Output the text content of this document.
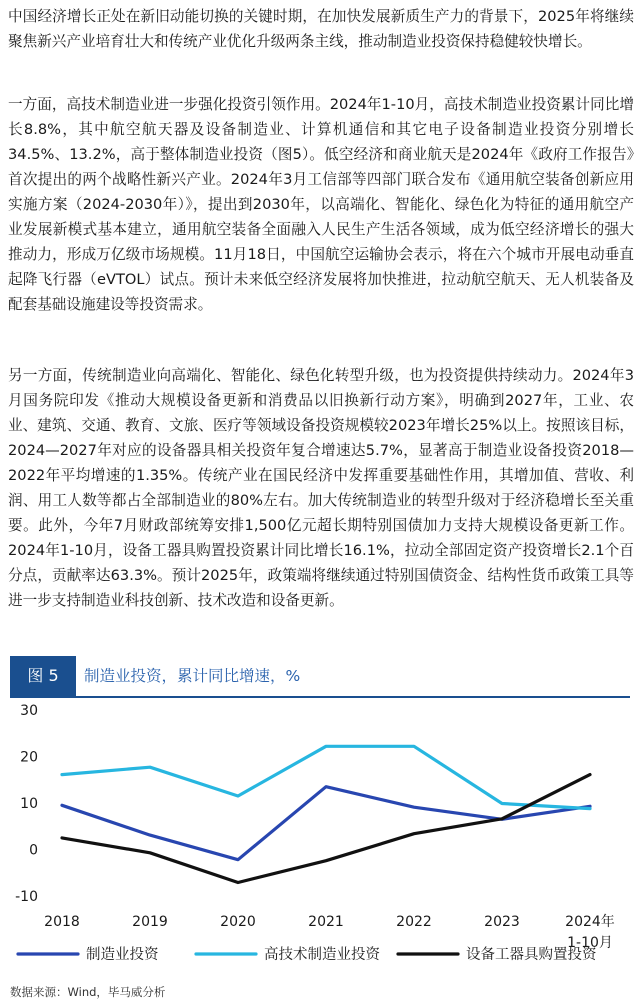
中国经济增长正处在新旧动能切换的关键时期，在加快发展新质生产力的背景下，2025年将继续聚焦新兴产业培育壮大和传统产业优化升级两条主线，推动制造业投资保持稳健较快增长。

一方面，高技术制造业进一步强化投资引领作用。2024年1-10月，高技术制造业投资累计同比增长8.8%，其中航空航天器及设备制造业、计算机通信和其它电子设备制造业投资分别增长34.5%、13.2%，高于整体制造业投资（图5）。低空经济和商业航天是2024年《政府工作报告》首次提出的两个战略性新兴产业。2024年3月工信部等四部门联合发布《通用航空装备创新应用实施方案（2024-2030年）》，提出到2030年，以高端化、智能化、绿色化为特征的通用航空产业发展新模式基本建立，通用航空装备全面融入人民生产生活各领域，成为低空经济增长的强大推动力，形成万亿级市场规模。11月18日，中国航空运输协会表示，将在六个城市开展电动垂直起降飞行器（eVTOL）试点。预计未来低空经济发展将加快推进，拉动航空航天、无人机装备及配套基础设施建设等投资需求。

另一方面，传统制造业向高端化、智能化、绿色化转型升级，也为投资提供持续动力。2024年3月国务院印发《推动大规模设备更新和消费品以旧换新行动方案》，明确到2027年，工业、农业、建筑、交通、教育、文旅、医疗等领域设备投资规模较2023年增长25%以上。按照该目标，2024—2027年对应的设备器具相关投资年复合增速达5.7%，显著高于制造业设备投资2018—2022年平均增速的1.35%。传统产业在国民经济中发挥重要基础性作用，其增加值、营收、利润、用工人数等都占全部制造业的80%左右。加大传统制造业的转型升级对于经济稳增长至关重要。此外，今年7月财政部统筹安排1,500亿元超长期特别国债加力支持大规模设备更新工作。2024年1-10月，设备工器具购置投资累计同比增长16.1%，拉动全部固定资产投资增长2.1个百分点，贡献率达63.3%。预计2025年，政策端将继续通过特别国债资金、结构性货币政策工具等进一步支持制造业科技创新、技术改造和设备更新。

图 5	制造业投资，累计同比增速，%
-10
0
10
20
30
2018	2019	2020	2021	2022	2023	2024年 1-10月
制造业投资	高技术制造业投资	设备工器具购置投资
数据来源：Wind，毕马威分析
